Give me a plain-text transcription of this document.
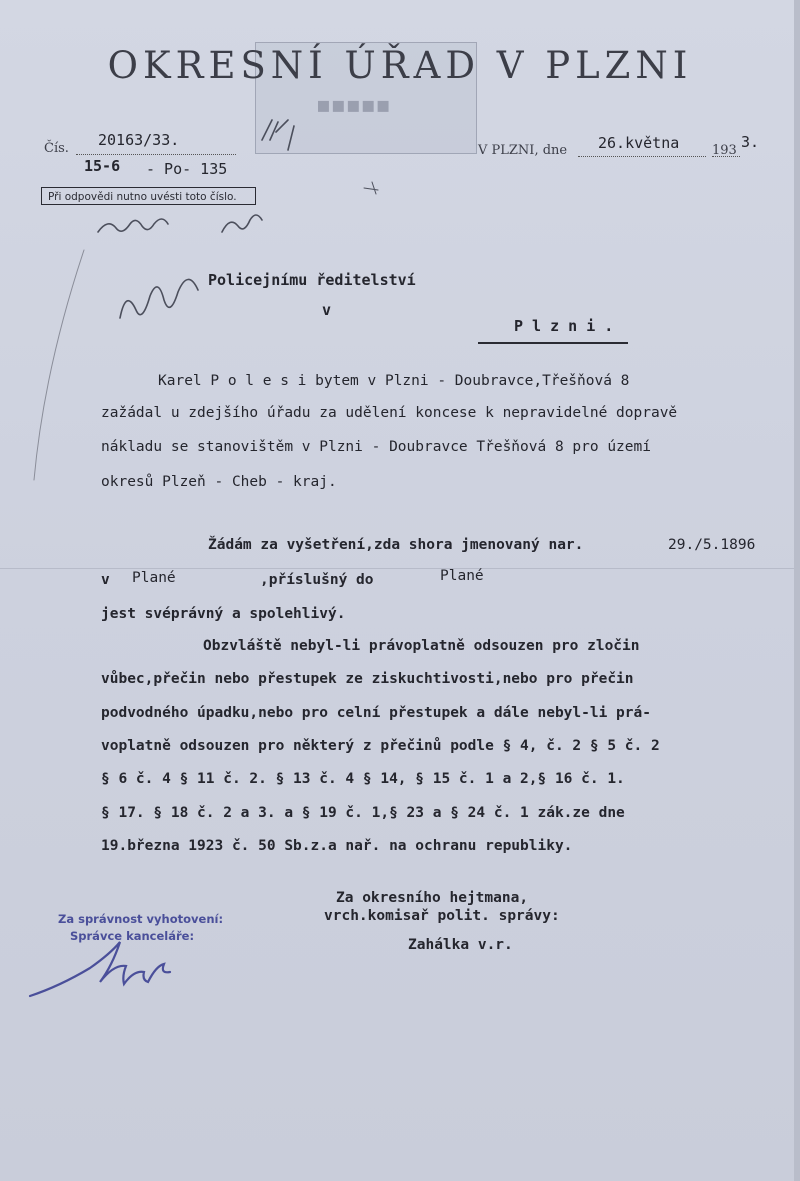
▪▪▪▪▪
OKRESNÍ ÚŘAD V PLZNI
Čís. 20163/33.
15-6 - Po- 135
Při odpovědi nutno uvésti toto číslo.
V PLZNI, dne 26.května	193 3.
Policejnímu ředitelství
v
P l z n i .
Karel P o l e s i bytem v Plzni - Doubravce,Třešňová 8
zažádal u zdejšího úřadu za udělení koncese k nepravidelné dopravě
nákladu se stanovištěm v Plzni - Doubravce Třešňová 8 pro území
okresů Plzeň - Cheb - kraj.
Žádám za vyšetření,zda shora jmenovaný nar.	29./5.1896
v Plané	,příslušný do	Plané
jest svéprávný a spolehlivý.
Obzvláště nebyl-li právoplatně odsouzen pro zločin
vůbec,přečin nebo přestupek ze ziskuchtivosti,nebo pro přečin
podvodného úpadku,nebo pro celní přestupek a dále nebyl-li prá-
voplatně odsouzen pro některý z přečinů podle § 4, č. 2 § 5 č. 2
§ 6 č. 4 § 11 č. 2. § 13 č. 4 § 14, § 15 č. 1 a 2,§ 16 č. 1.
§ 17. § 18 č. 2 a 3. a § 19 č. 1,§ 23 a § 24 č. 1 zák.ze dne
19.března 1923 č. 50 Sb.z.a nař. na ochranu republiky.
Za okresního hejtmana,
vrch.komisař polit. správy:
Zahálka v.r.
Za správnost vyhotovení:
Správce kanceláře:
